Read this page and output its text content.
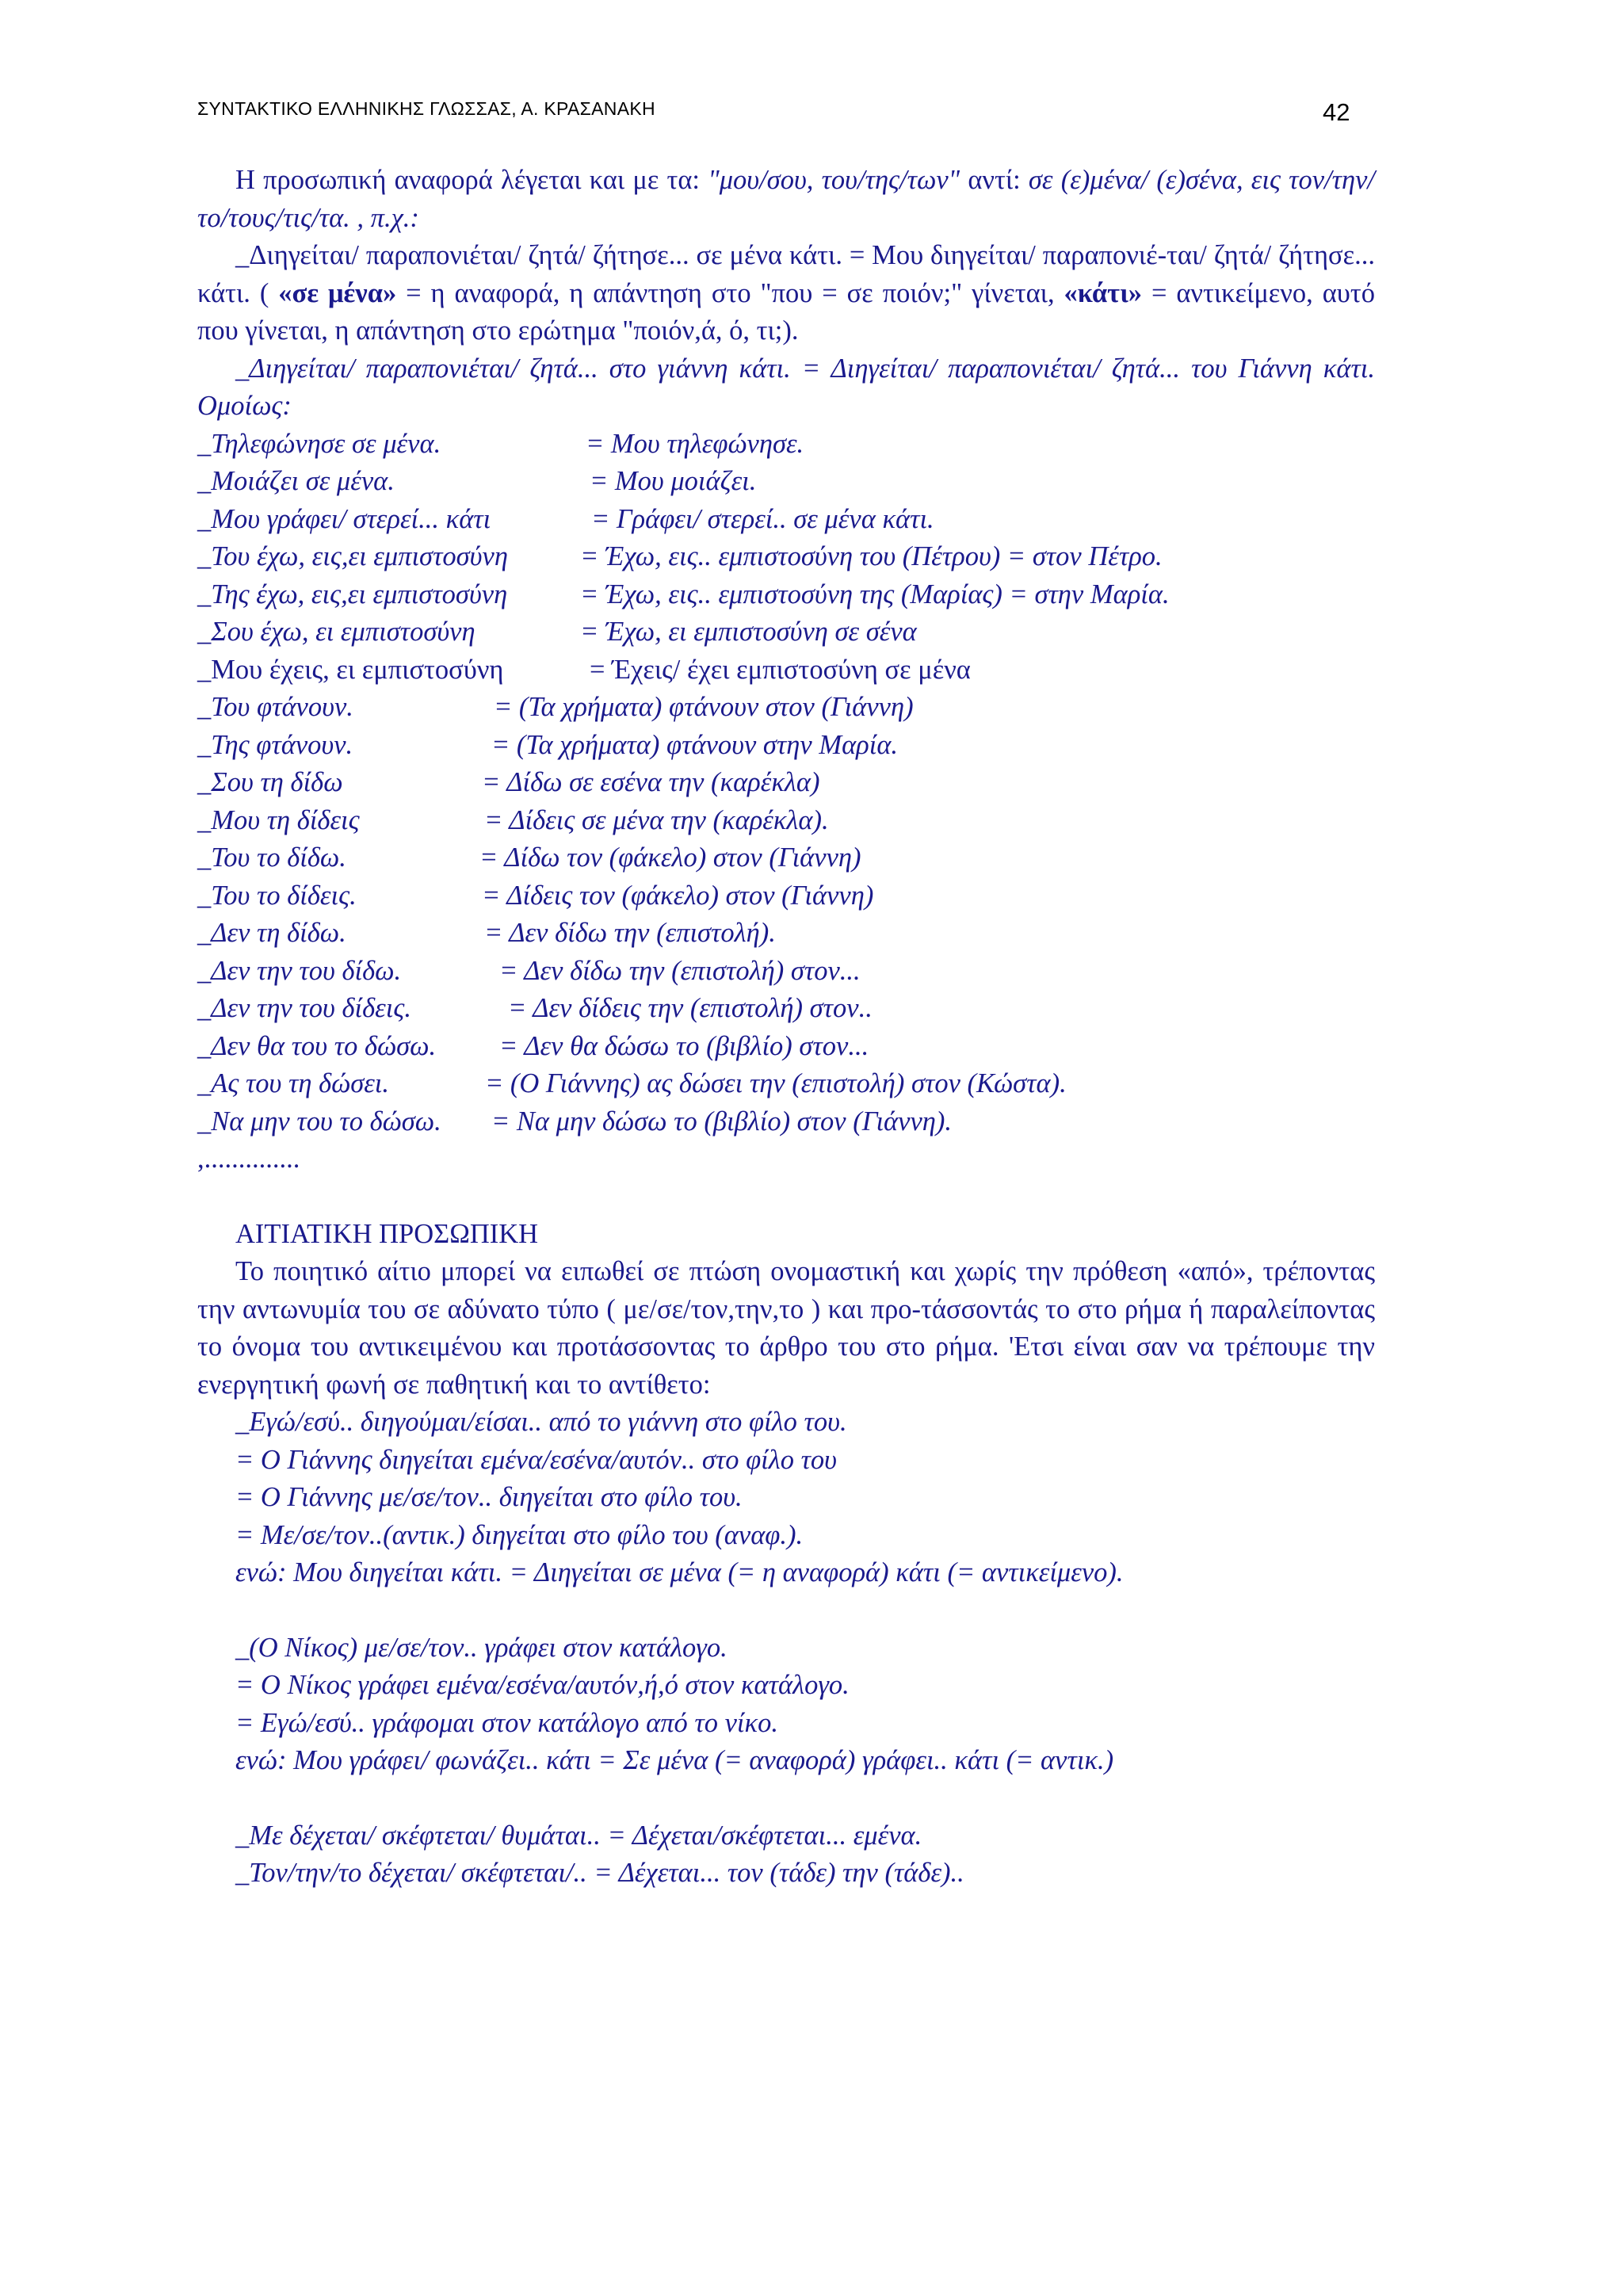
ΣΥΝΤΑΚΤΙΚΟ ΕΛΛΗΝΙΚΗΣ ΓΛΩΣΣΑΣ, Α. ΚΡΑΣΑΝΑΚΗ	42

Η προσωπική αναφορά λέγεται και με τα: "μου/σου, του/της/των" αντί: σε (ε)μένα/ (ε)σένα, εις τον/την/το/τους/τις/τα. , π.χ.:

_Διηγείται/ παραπονιέται/ ζητά/ ζήτησε... σε μένα κάτι. = Μου διηγείται/ παραπονιέ-ται/ ζητά/ ζήτησε... κάτι. ( «σε μένα» = η αναφορά, η απάντηση στο "που = σε ποιόν;" γίνεται, «κάτι» = αντικείμενο, αυτό που γίνεται, η απάντηση στο ερώτημα "ποιόν,ά, ό, τι;).

_Διηγείται/ παραπονιέται/ ζητά... στο γιάννη κάτι. = Διηγείται/ παραπονιέται/ ζητά... του Γιάννη κάτι. Ομοίως:

_Τηλεφώνησε σε μένα.	= Μου τηλεφώνησε.
_Μοιάζει σε μένα.	= Μου μοιάζει.
_Μου γράφει/ στερεί... κάτι	= Γράφει/ στερεί.. σε μένα κάτι.
_Του έχω, εις,ει εμπιστοσύνη	= Έχω, εις.. εμπιστοσύνη του (Πέτρου) = στον Πέτρο.
_Της έχω, εις,ει εμπιστοσύνη	= Έχω, εις.. εμπιστοσύνη της (Μαρίας) = στην Μαρία.
_Σου έχω, ει εμπιστοσύνη	= Έχω, ει εμπιστοσύνη σε σένα
_Μου έχεις, ει εμπιστοσύνη	= Έχεις/ έχει εμπιστοσύνη σε μένα
_Του φτάνουν.	= (Τα χρήματα) φτάνουν στον (Γιάννη)
_Της φτάνουν.	= (Τα χρήματα) φτάνουν στην Μαρία.
_Σου τη δίδω	= Δίδω σε εσένα την (καρέκλα)
_Μου τη δίδεις	= Δίδεις σε μένα την (καρέκλα).
_Του το δίδω.	= Δίδω τον (φάκελο) στον (Γιάννη)
_Του το δίδεις.	= Δίδεις τον (φάκελο) στον (Γιάννη)
_Δεν τη δίδω.	= Δεν δίδω την (επιστολή).
_Δεν την του δίδω.	= Δεν δίδω την (επιστολή) στον...
_Δεν την του δίδεις.	= Δεν δίδεις την (επιστολή) στον..
_Δεν θα του το δώσω.	= Δεν θα δώσω το (βιβλίο) στον...
_Ας του τη δώσει.	= (Ο Γιάννης) ας δώσει την (επιστολή) στον (Κώστα).
_Να μην του το δώσω.	= Να μην δώσω το (βιβλίο) στον (Γιάννη).

,..............

ΑΙΤΙΑΤΙΚΗ ΠΡΟΣΩΠΙΚΗ

Το ποιητικό αίτιο μπορεί να ειπωθεί σε πτώση ονομαστική και χωρίς την πρόθεση «από», τρέποντας την αντωνυμία του σε αδύνατο τύπο ( με/σε/τον,την,το ) και προ-τάσσοντάς το στο ρήμα ή παραλείποντας το όνομα του αντικειμένου και προτάσσοντας το άρθρο του στο ρήμα. 'Ετσι είναι σαν να τρέπουμε την ενεργητική φωνή σε παθητική και το αντίθετο:

_Εγώ/εσύ.. διηγούμαι/είσαι.. από το γιάννη στο φίλο του.

= Ο Γιάννης διηγείται εμένα/εσένα/αυτόν.. στο φίλο του

= Ο Γιάννης με/σε/τον.. διηγείται στο φίλο του.

= Με/σε/τον..(αντικ.) διηγείται στο φίλο του (αναφ.).

ενώ: Μου διηγείται κάτι. = Διηγείται σε μένα (= η αναφορά) κάτι (= αντικείμενο).

_(Ο Νίκος) με/σε/τον.. γράφει στον κατάλογο.

= Ο Νίκος γράφει εμένα/εσένα/αυτόν,ή,ό στον κατάλογο.

= Εγώ/εσύ.. γράφομαι στον κατάλογο από το νίκο.

ενώ: Μου γράφει/ φωνάζει.. κάτι = Σε μένα (= αναφορά) γράφει.. κάτι (= αντικ.)

_Με δέχεται/ σκέφτεται/ θυμάται.. = Δέχεται/σκέφτεται... εμένα.

_Τον/την/το δέχεται/ σκέφτεται/.. = Δέχεται... τον (τάδε) την (τάδε)..
